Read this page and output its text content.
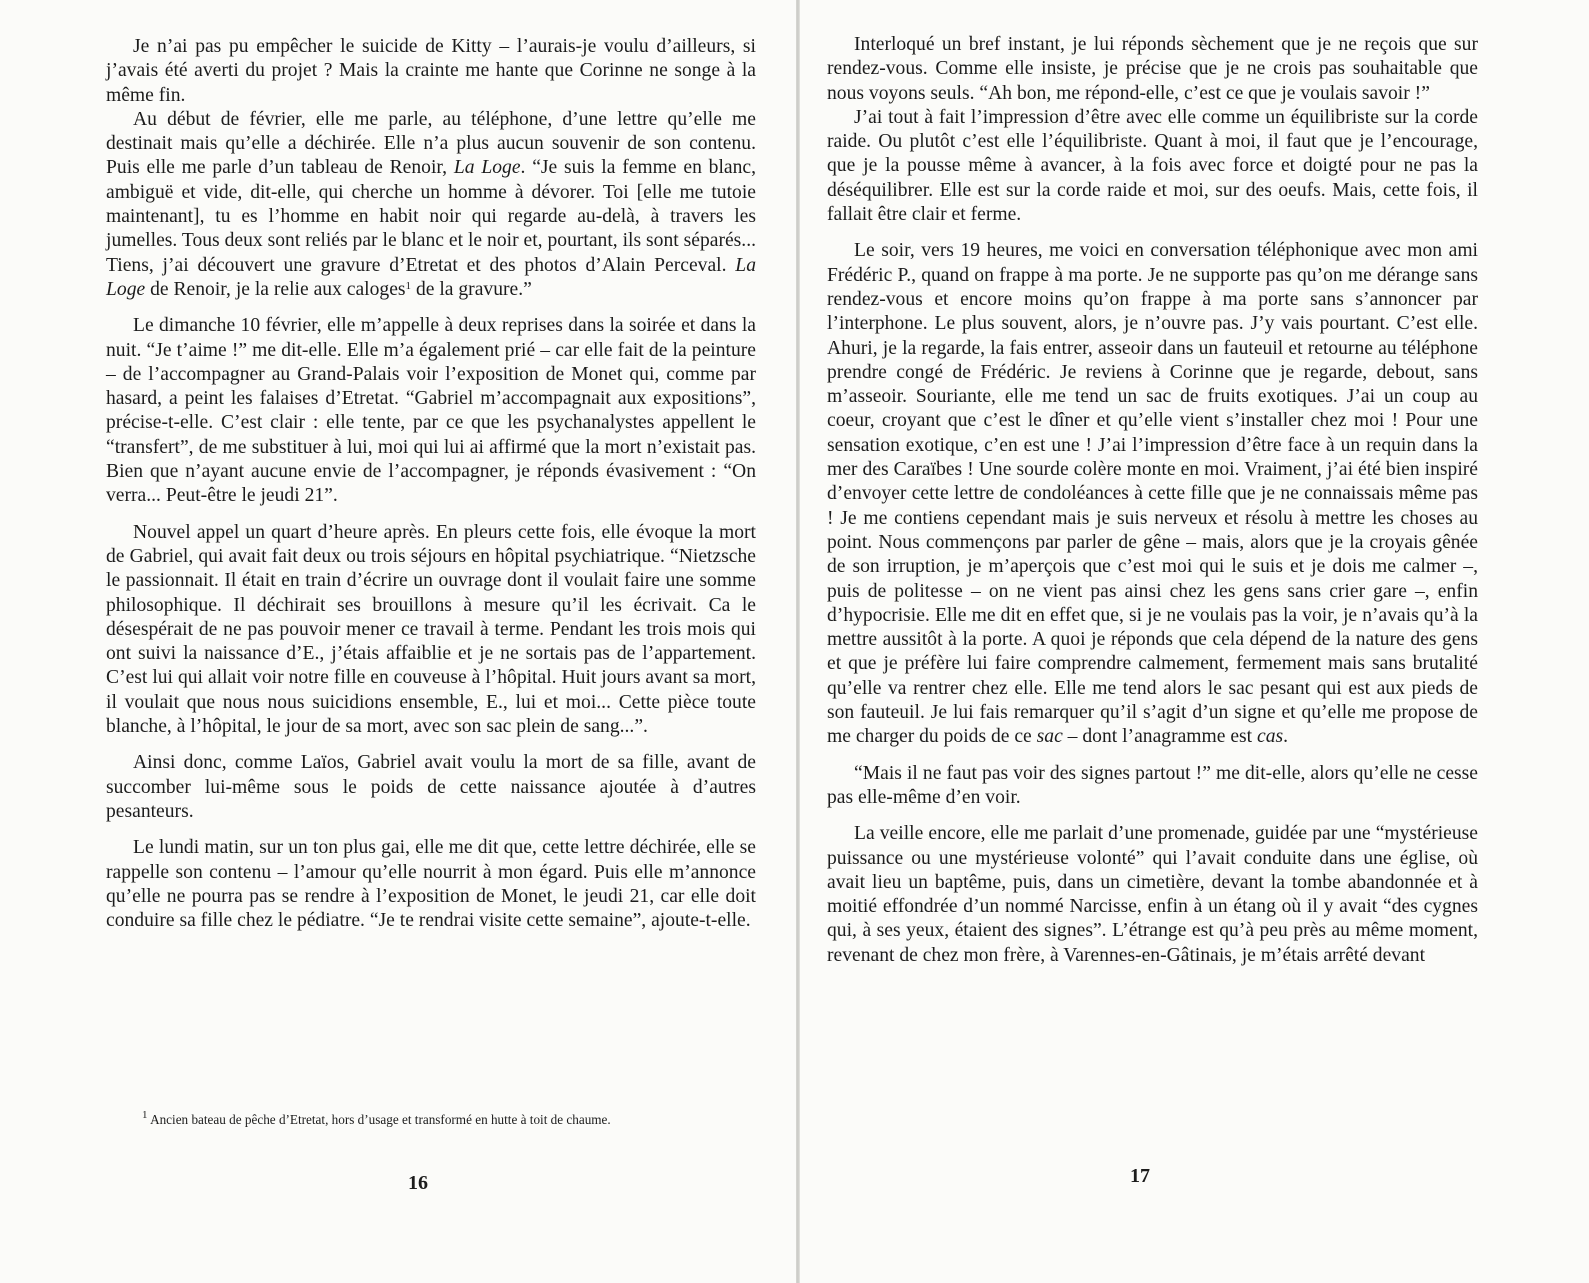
Je n’ai pas pu empêcher le suicide de Kitty – l’aurais-je voulu d’ailleurs, si j’avais été averti du projet ? Mais la crainte me hante que Corinne ne songe à la même fin.

Au début de février, elle me parle, au téléphone, d’une lettre qu’elle me destinait mais qu’elle a déchirée. Elle n’a plus aucun souvenir de son contenu. Puis elle me parle d’un tableau de Renoir, La Loge. “Je suis la femme en blanc, ambiguë et vide, dit-elle, qui cherche un homme à dévorer. Toi [elle me tutoie maintenant], tu es l’homme en habit noir qui regarde au-delà, à travers les jumelles. Tous deux sont reliés par le blanc et le noir et, pourtant, ils sont séparés... Tiens, j’ai découvert une gravure d’Etretat et des photos d’Alain Perceval. La Loge de Renoir, je la relie aux caloges$^1$ de la gravure.”

Le dimanche 10 février, elle m’appelle à deux reprises dans la soirée et dans la nuit. “Je t’aime !” me dit-elle. Elle m’a également prié – car elle fait de la peinture – de l’accompagner au Grand-Palais voir l’exposition de Monet qui, comme par hasard, a peint les falaises d’Etretat. “Gabriel m’accompagnait aux expositions”, précise-t-elle. C’est clair : elle tente, par ce que les psychanalystes appellent le “transfert”, de me substituer à lui, moi qui lui ai affirmé que la mort n’existait pas. Bien que n’ayant aucune envie de l’accompagner, je réponds évasivement : “On verra... Peut-être le jeudi 21”.

Nouvel appel un quart d’heure après. En pleurs cette fois, elle évoque la mort de Gabriel, qui avait fait deux ou trois séjours en hôpital psychiatrique. “Nietzsche le passionnait. Il était en train d’écrire un ouvrage dont il voulait faire une somme philosophique. Il déchirait ses brouillons à mesure qu’il les écrivait. Ca le désespérait de ne pas pouvoir mener ce travail à terme. Pendant les trois mois qui ont suivi la naissance d’E., j’étais affaiblie et je ne sortais pas de l’appartement. C’est lui qui allait voir notre fille en couveuse à l’hôpital. Huit jours avant sa mort, il voulait que nous nous suicidions ensemble, E., lui et moi... Cette pièce toute blanche, à l’hôpital, le jour de sa mort, avec son sac plein de sang...”.

Ainsi donc, comme Laïos, Gabriel avait voulu la mort de sa fille, avant de succomber lui-même sous le poids de cette naissance ajoutée à d’autres pesanteurs.

Le lundi matin, sur un ton plus gai, elle me dit que, cette lettre déchirée, elle se rappelle son contenu – l’amour qu’elle nourrit à mon égard. Puis elle m’annonce qu’elle ne pourra pas se rendre à l’exposition de Monet, le jeudi 21, car elle doit conduire sa fille chez le pédiatre. “Je te rendrai visite cette semaine”, ajoute-t-elle.

$^1$ Ancien bateau de pêche d’Etretat, hors d’usage et transformé en hutte à toit de chaume.
16

Interloqué un bref instant, je lui réponds sèchement que je ne reçois que sur rendez-vous. Comme elle insiste, je précise que je ne crois pas souhaitable que nous voyons seuls. “Ah bon, me répond-elle, c’est ce que je voulais savoir !”

J’ai tout à fait l’impression d’être avec elle comme un équilibriste sur la corde raide. Ou plutôt c’est elle l’équilibriste. Quant à moi, il faut que je l’encourage, que je la pousse même à avancer, à la fois avec force et doigté pour ne pas la déséquilibrer. Elle est sur la corde raide et moi, sur des oeufs. Mais, cette fois, il fallait être clair et ferme.

Le soir, vers 19 heures, me voici en conversation téléphonique avec mon ami Frédéric P., quand on frappe à ma porte. Je ne supporte pas qu’on me dérange sans rendez-vous et encore moins qu’on frappe à ma porte sans s’annoncer par l’interphone. Le plus souvent, alors, je n’ouvre pas. J’y vais pourtant. C’est elle. Ahuri, je la regarde, la fais entrer, asseoir dans un fauteuil et retourne au téléphone prendre congé de Frédéric. Je reviens à Corinne que je regarde, debout, sans m’asseoir. Souriante, elle me tend un sac de fruits exotiques. J’ai un coup au coeur, croyant que c’est le dîner et qu’elle vient s’installer chez moi ! Pour une sensation exotique, c’en est une ! J’ai l’impression d’être face à un requin dans la mer des Caraïbes ! Une sourde colère monte en moi. Vraiment, j’ai été bien inspiré d’envoyer cette lettre de condoléances à cette fille que je ne connaissais même pas ! Je me contiens cependant mais je suis nerveux et résolu à mettre les choses au point. Nous commençons par parler de gêne – mais, alors que je la croyais gênée de son irruption, je m’aperçois que c’est moi qui le suis et je dois me calmer –, puis de politesse – on ne vient pas ainsi chez les gens sans crier gare –, enfin d’hypocrisie. Elle me dit en effet que, si je ne voulais pas la voir, je n’avais qu’à la mettre aussitôt à la porte. A quoi je réponds que cela dépend de la nature des gens et que je préfère lui faire comprendre calmement, fermement mais sans brutalité qu’elle va rentrer chez elle. Elle me tend alors le sac pesant qui est aux pieds de son fauteuil. Je lui fais remarquer qu’il s’agit d’un signe et qu’elle me propose de me charger du poids de ce sac – dont l’anagramme est cas.

“Mais il ne faut pas voir des signes partout !” me dit-elle, alors qu’elle ne cesse pas elle-même d’en voir.

La veille encore, elle me parlait d’une promenade, guidée par une “mystérieuse puissance ou une mystérieuse volonté” qui l’avait conduite dans une église, où avait lieu un baptême, puis, dans un cimetière, devant la tombe abandonnée et à moitié effondrée d’un nommé Narcisse, enfin à un étang où il y avait “des cygnes qui, à ses yeux, étaient des signes”. L’étrange est qu’à peu près au même moment, revenant de chez mon frère, à Varennes-en-Gâtinais, je m’étais arrêté devant

17
